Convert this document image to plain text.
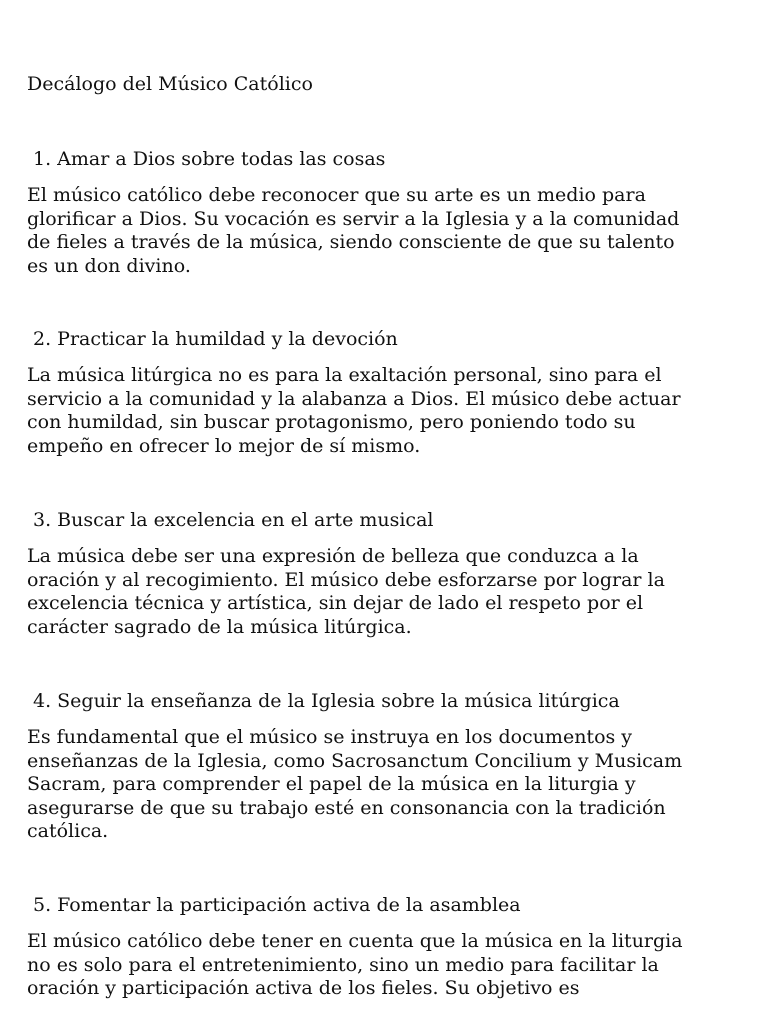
Decálogo del Músico Católico
1. Amar a Dios sobre todas las cosas

El músico católico debe reconocer que su arte es un medio para
glorificar a Dios. Su vocación es servir a la Iglesia y a la comunidad
de fieles a través de la música, siendo consciente de que su talento
es un don divino.

2. Practicar la humildad y la devoción

La música litúrgica no es para la exaltación personal, sino para el
servicio a la comunidad y la alabanza a Dios. El músico debe actuar
con humildad, sin buscar protagonismo, pero poniendo todo su
empeño en ofrecer lo mejor de sí mismo.

3. Buscar la excelencia en el arte musical

La música debe ser una expresión de belleza que conduzca a la
oración y al recogimiento. El músico debe esforzarse por lograr la
excelencia técnica y artística, sin dejar de lado el respeto por el
carácter sagrado de la música litúrgica.

4. Seguir la enseñanza de la Iglesia sobre la música litúrgica

Es fundamental que el músico se instruya en los documentos y
enseñanzas de la Iglesia, como Sacrosanctum Concilium y Musicam
Sacram, para comprender el papel de la música en la liturgia y
asegurarse de que su trabajo esté en consonancia con la tradición
católica.

5. Fomentar la participación activa de la asamblea

El músico católico debe tener en cuenta que la música en la liturgia
no es solo para el entretenimiento, sino un medio para facilitar la
oración y participación activa de los fieles. Su objetivo es
